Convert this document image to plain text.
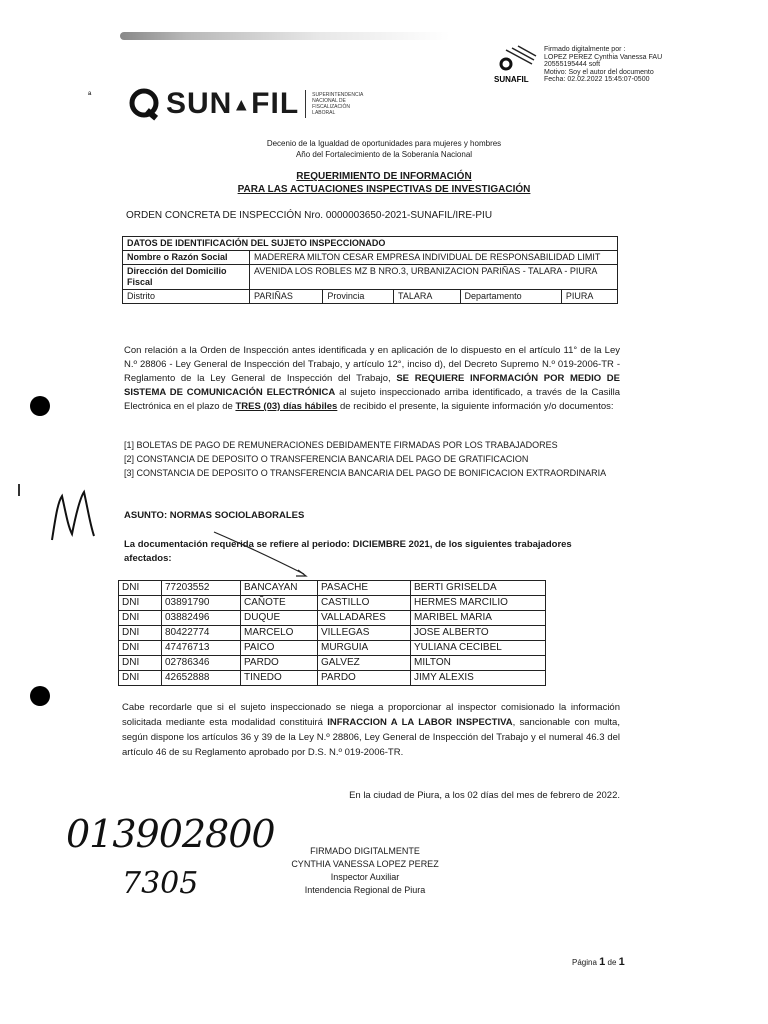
ª SUN▲FIL	SUPERINTENDENCIA NACIONAL DE FISCALIZACIÓN LABORAL
SUNAFIL
Firmado digitalmente por :
LOPEZ PEREZ Cynthia Vanessa FAU
20555195444 soft
Motivo: Soy el autor del documento
Fecha: 02.02.2022 15:45:07-0500
Decenio de la Igualdad de oportunidades para mujeres y hombres
Año del Fortalecimiento de la Soberanía Nacional
REQUERIMIENTO DE INFORMACIÓN
PARA LAS ACTUACIONES INSPECTIVAS DE INVESTIGACIÓN
ORDEN CONCRETA DE INSPECCIÓN Nro. 0000003650-2021-SUNAFIL/IRE-PIU
DATOS DE IDENTIFICACIÓN DEL SUJETO INSPECCIONADO					
Nombre o Razón Social	MADERERA MILTON CESAR EMPRESA INDIVIDUAL DE RESPONSABILIDAD LIMIT				
Dirección del Domicilio Fiscal	AVENIDA LOS ROBLES MZ B NRO.3, URBANIZACION PARIÑAS - TALARA - PIURA				
Distrito	PARIÑAS	Provincia	TALARA	Departamento	PIURA
Con relación a la Orden de Inspección antes identificada y en aplicación de lo dispuesto en el artículo 11° de la Ley N.º 28806 - Ley General de Inspección del Trabajo, y artículo 12°, inciso d), del Decreto Supremo N.º 019-2006-TR - Reglamento de la Ley General de Inspección del Trabajo, SE REQUIERE INFORMACIÓN POR MEDIO DE SISTEMA DE COMUNICACIÓN ELECTRÓNICA al sujeto inspeccionado arriba identificado, a través de la Casilla Electrónica en el plazo de TRES (03) días hábiles de recibido el presente, la siguiente información y/o documentos:
[1] BOLETAS DE PAGO DE REMUNERACIONES DEBIDAMENTE FIRMADAS POR LOS TRABAJADORES
[2] CONSTANCIA DE DEPOSITO O TRANSFERENCIA BANCARIA DEL PAGO DE GRATIFICACION
[3] CONSTANCIA DE DEPOSITO O TRANSFERENCIA BANCARIA DEL PAGO DE BONIFICACION EXTRAORDINARIA
ASUNTO: NORMAS SOCIOLABORALES
La documentación requerida se refiere al periodo: DICIEMBRE 2021, de los siguientes trabajadores afectados:
DNI	77203552	BANCAYAN	PASACHE	BERTI GRISELDA
DNI	03891790	CAÑOTE	CASTILLO	HERMES MARCILIO
DNI	03882496	DUQUE	VALLADARES	MARIBEL MARIA
DNI	80422774	MARCELO	VILLEGAS	JOSE ALBERTO
DNI	47476713	PAICO	MURGUIA	YULIANA CECIBEL
DNI	02786346	PARDO	GALVEZ	MILTON
DNI	42652888	TINEDO	PARDO	JIMY ALEXIS
Cabe recordarle que si el sujeto inspeccionado se niega a proporcionar al inspector comisionado la información solicitada mediante esta modalidad constituirá INFRACCION A LA LABOR INSPECTIVA, sancionable con multa, según dispone los artículos 36 y 39 de la Ley N.º 28806, Ley General de Inspección del Trabajo y el numeral 46.3 del artículo 46 de su Reglamento aprobado por D.S. N.º 019-2006-TR.
En la ciudad de Piura, a los 02 días del mes de febrero de 2022.
FIRMADO DIGITALMENTE
CYNTHIA VANESSA LOPEZ PEREZ
Inspector Auxiliar
Intendencia Regional de Piura
013902800
7305
Página 1 de 1
